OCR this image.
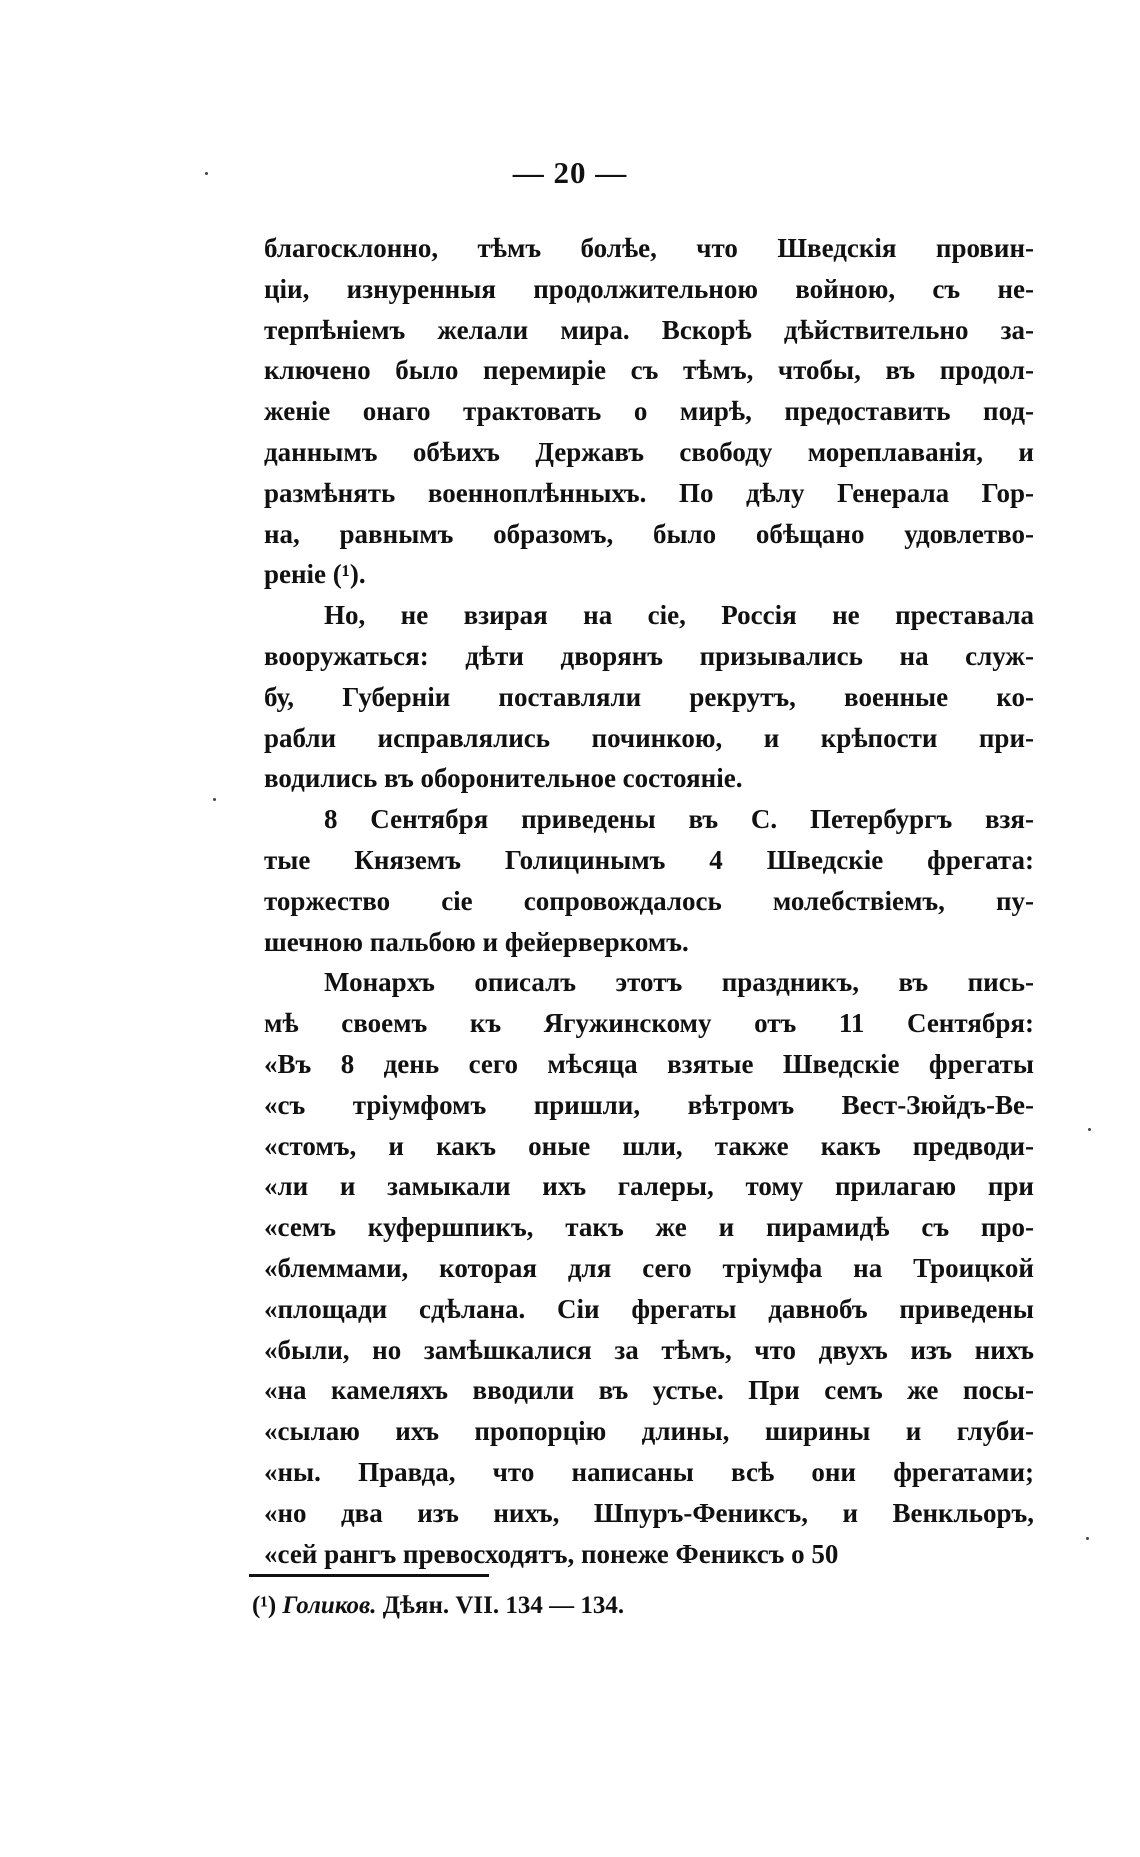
— 20 —
благосклонно, тѣмъ болѣе, что Шведскія провин-
ціи, изнуренныя продолжительною войною, съ не-
терпѣніемъ желали мира. Вскорѣ дѣйствительно за-
ключено было перемиріе съ тѣмъ, чтобы, въ продол-
женіе онаго трактовать о мирѣ, предоставить под-
даннымъ обѣихъ Державъ свободу мореплаванія, и
размѣнять военноплѣнныхъ. По дѣлу Генерала Гор-
на, равнымъ образомъ, было обѣщано удовлетво-
реніе (¹).
Но, не взирая на сіе, Россія не преставала
вооружаться: дѣти дворянъ призывались на служ-
бу, Губерніи поставляли рекрутъ, военные ко-
рабли исправлялись починкою, и крѣпости при-
водились въ оборонительное состояніе.
8 Сентября приведены въ С. Петербургъ взя-
тые Княземъ Голицинымъ 4 Шведскіе фрегата:
торжество сіе сопровождалось молебствіемъ, пу-
шечною пальбою и фейерверкомъ.
Монархъ описалъ этотъ праздникъ, въ пись-
мѣ своемъ къ Ягужинскому отъ 11 Сентября:
«Въ 8 день сего мѣсяца взятые Шведскіе фрегаты
«съ тріумфомъ пришли, вѣтромъ Вест-Зюйдъ-Ве-
«стомъ, и какъ оные шли, также какъ предводи-
«ли и замыкали ихъ галеры, тому прилагаю при
«семъ куфершпикъ, такъ же и пирамидѣ съ про-
«блеммами, которая для сего тріумфа на Троицкой
«площади сдѣлана. Сіи фрегаты давнобъ приведены
«были, но замѣшкалися за тѣмъ, что двухъ изъ нихъ
«на камеляхъ вводили въ устье. При семъ же посы-
«сылаю ихъ пропорцію длины, ширины и глуби-
«ны. Правда, что написаны всѣ они фрегатами;
«но два изъ нихъ, Шпуръ-Фениксъ, и Венкльоръ,
«сей рангъ превосходятъ, понеже Фениксъ о 50
(¹) Голиков. Дѣян. VII. 134 — 134.
